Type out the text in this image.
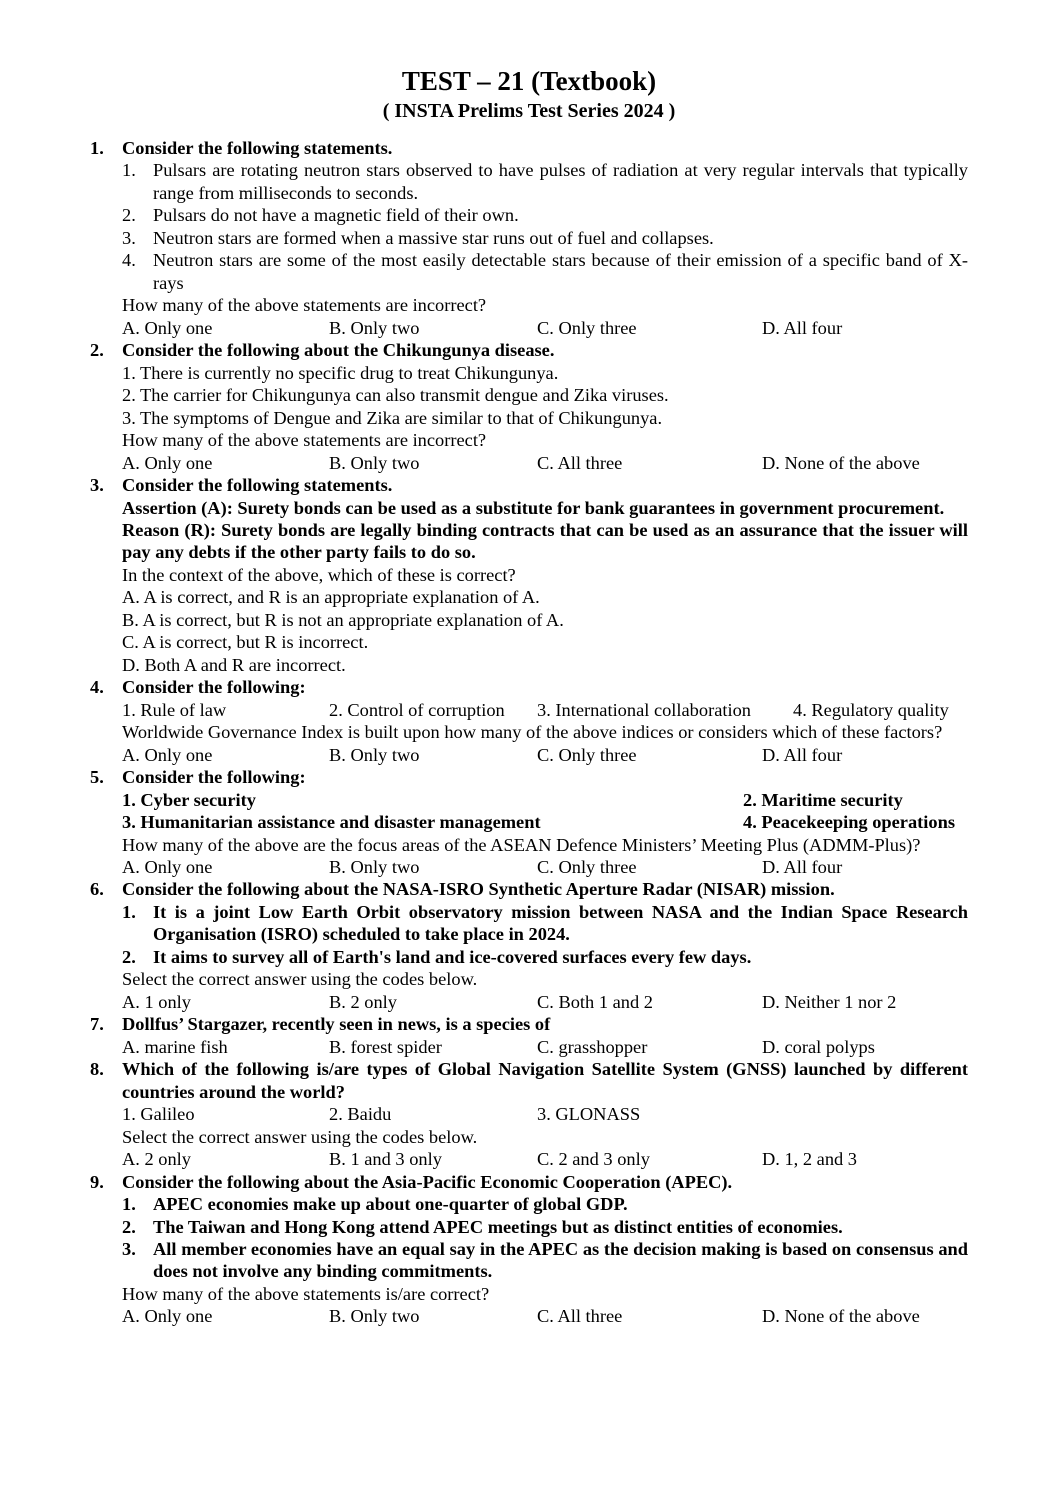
TEST – 21 (Textbook)
( INSTA Prelims Test Series 2024 )
1. Consider the following statements.
1. Pulsars are rotating neutron stars observed to have pulses of radiation at very regular intervals that typically range from milliseconds to seconds.
2. Pulsars do not have a magnetic field of their own.
3. Neutron stars are formed when a massive star runs out of fuel and collapses.
4. Neutron stars are some of the most easily detectable stars because of their emission of a specific band of X-rays
How many of the above statements are incorrect?
A. Only one	B. Only two	C. Only three	D. All four
2. Consider the following about the Chikungunya disease.
1. There is currently no specific drug to treat Chikungunya.
2. The carrier for Chikungunya can also transmit dengue and Zika viruses.
3. The symptoms of Dengue and Zika are similar to that of Chikungunya.
How many of the above statements are incorrect?
A. Only one	B. Only two	C. All three	D. None of the above
3. Consider the following statements.
Assertion (A): Surety bonds can be used as a substitute for bank guarantees in government procurement.
Reason (R): Surety bonds are legally binding contracts that can be used as an assurance that the issuer will pay any debts if the other party fails to do so.
In the context of the above, which of these is correct?
A. A is correct, and R is an appropriate explanation of A.
B. A is correct, but R is not an appropriate explanation of A.
C. A is correct, but R is incorrect.
D. Both A and R are incorrect.
4. Consider the following:
1. Rule of law	2. Control of corruption 3. International collaboration 4. Regulatory quality
Worldwide Governance Index is built upon how many of the above indices or considers which of these factors?
A. Only one	B. Only two	C. Only three	D. All four
5. Consider the following:
1. Cyber security	2. Maritime security
3. Humanitarian assistance and disaster management	4. Peacekeeping operations
How many of the above are the focus areas of the ASEAN Defence Ministers’ Meeting Plus (ADMM-Plus)?
A. Only one	B. Only two	C. Only three	D. All four
6. Consider the following about the NASA-ISRO Synthetic Aperture Radar (NISAR) mission.
1. It is a joint Low Earth Orbit observatory mission between NASA and the Indian Space Research Organisation (ISRO) scheduled to take place in 2024.
2. It aims to survey all of Earth's land and ice-covered surfaces every few days.
Select the correct answer using the codes below.
A. 1 only	B. 2 only	C. Both 1 and 2	D. Neither 1 nor 2
7. Dollfus’ Stargazer, recently seen in news, is a species of
A. marine fish	B. forest spider	C. grasshopper	D. coral polyps
8. Which of the following is/are types of Global Navigation Satellite System (GNSS) launched by different countries around the world?
1. Galileo	2. Baidu	3. GLONASS
Select the correct answer using the codes below.
A. 2 only	B. 1 and 3 only	C. 2 and 3 only	D. 1, 2 and 3
9. Consider the following about the Asia-Pacific Economic Cooperation (APEC).
1. APEC economies make up about one-quarter of global GDP.
2. The Taiwan and Hong Kong attend APEC meetings but as distinct entities of economies.
3. All member economies have an equal say in the APEC as the decision making is based on consensus and does not involve any binding commitments.
How many of the above statements is/are correct?
A. Only one	B. Only two	C. All three	D. None of the above
